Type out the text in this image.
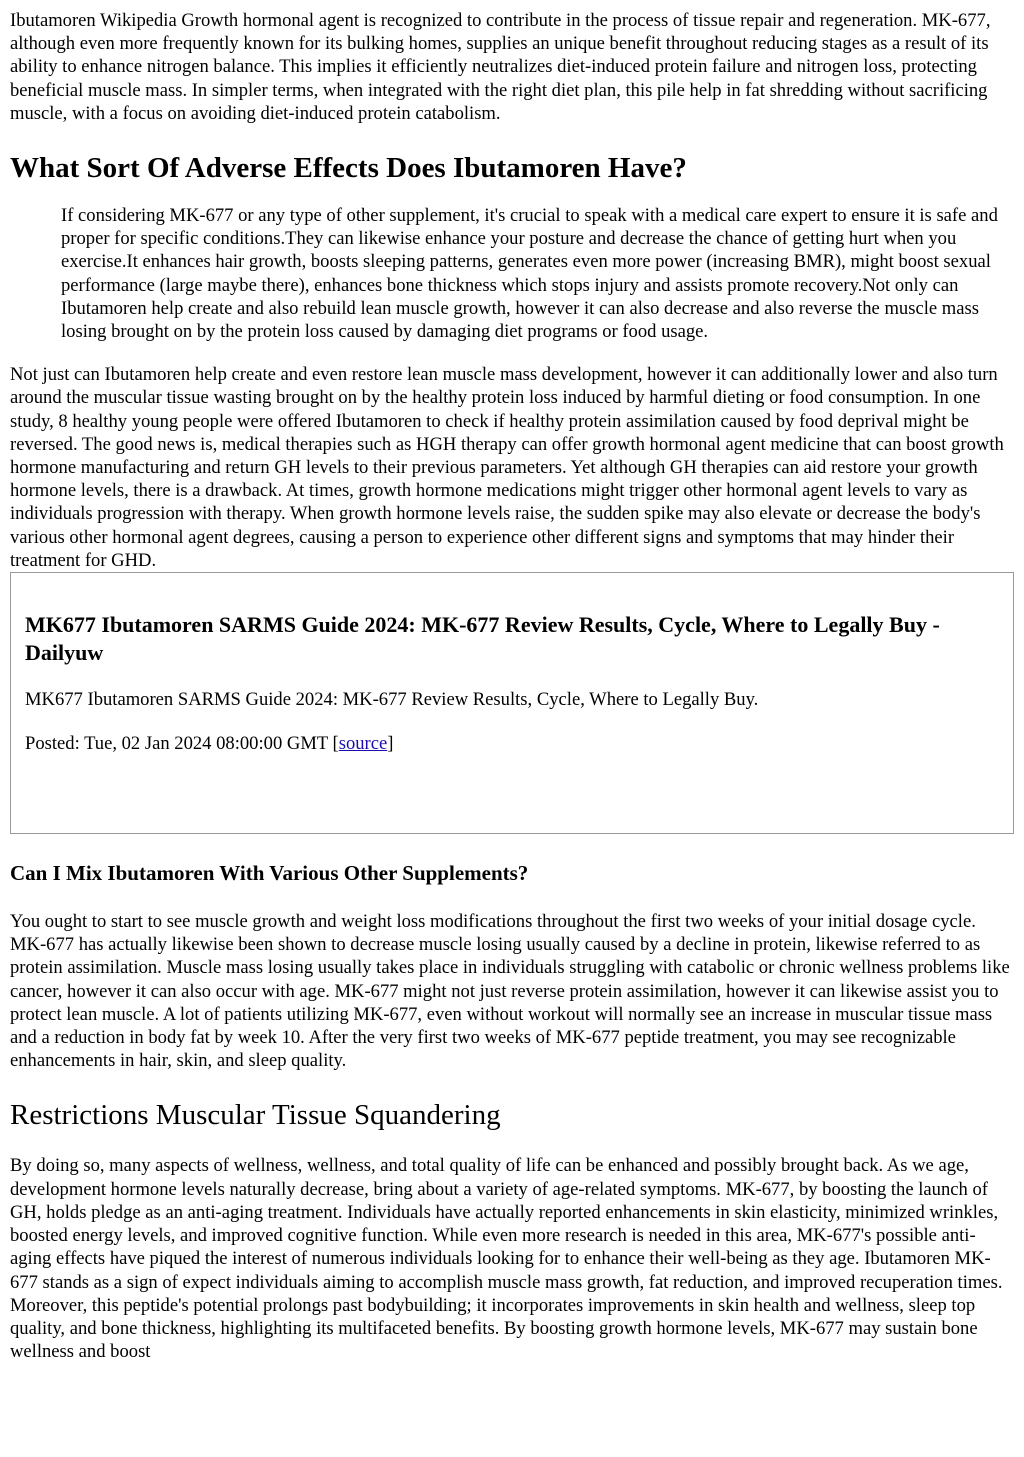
Ibutamoren Wikipedia Growth hormonal agent is recognized to contribute in the process of tissue repair and regeneration. MK-677, although even more frequently known for its bulking homes, supplies an unique benefit throughout reducing stages as a result of its ability to enhance nitrogen balance. This implies it efficiently neutralizes diet-induced protein failure and nitrogen loss, protecting beneficial muscle mass. In simpler terms, when integrated with the right diet plan, this pile help in fat shredding without sacrificing muscle, with a focus on avoiding diet-induced protein catabolism.

What Sort Of Adverse Effects Does Ibutamoren Have?
If considering MK-677 or any type of other supplement, it's crucial to speak with a medical care expert to ensure it is safe and proper for specific conditions.They can likewise enhance your posture and decrease the chance of getting hurt when you exercise.It enhances hair growth, boosts sleeping patterns, generates even more power (increasing BMR), might boost sexual performance (large maybe there), enhances bone thickness which stops injury and assists promote recovery.Not only can Ibutamoren help create and also rebuild lean muscle growth, however it can also decrease and also reverse the muscle mass losing brought on by the protein loss caused by damaging diet programs or food usage.

Not just can Ibutamoren help create and even restore lean muscle mass development, however it can additionally lower and also turn around the muscular tissue wasting brought on by the healthy protein loss induced by harmful dieting or food consumption. In one study, 8 healthy young people were offered Ibutamoren to check if healthy protein assimilation caused by food deprival might be reversed. The good news is, medical therapies such as HGH therapy can offer growth hormonal agent medicine that can boost growth hormone manufacturing and return GH levels to their previous parameters. Yet although GH therapies can aid restore your growth hormone levels, there is a drawback. At times, growth hormone medications might trigger other hormonal agent levels to vary as individuals progression with therapy. When growth hormone levels raise, the sudden spike may also elevate or decrease the body's various other hormonal agent degrees, causing a person to experience other different signs and symptoms that may hinder their treatment for GHD.

MK677 Ibutamoren SARMS Guide 2024: MK-677 Review Results, Cycle, Where to Legally Buy - Dailyuw

MK677 Ibutamoren SARMS Guide 2024: MK-677 Review Results, Cycle, Where to Legally Buy.

Posted: Tue, 02 Jan 2024 08:00:00 GMT [source]

Can I Mix Ibutamoren With Various Other Supplements?

You ought to start to see muscle growth and weight loss modifications throughout the first two weeks of your initial dosage cycle. MK-677 has actually likewise been shown to decrease muscle losing usually caused by a decline in protein, likewise referred to as protein assimilation. Muscle mass losing usually takes place in individuals struggling with catabolic or chronic wellness problems like cancer, however it can also occur with age. MK-677 might not just reverse protein assimilation, however it can likewise assist you to protect lean muscle. A lot of patients utilizing MK-677, even without workout will normally see an increase in muscular tissue mass and a reduction in body fat by week 10. After the very first two weeks of MK-677 peptide treatment, you may see recognizable enhancements in hair, skin, and sleep quality.

Restrictions Muscular Tissue Squandering

By doing so, many aspects of wellness, wellness, and total quality of life can be enhanced and possibly brought back. As we age, development hormone levels naturally decrease, bring about a variety of age-related symptoms. MK-677, by boosting the launch of GH, holds pledge as an anti-aging treatment. Individuals have actually reported enhancements in skin elasticity, minimized wrinkles, boosted energy levels, and improved cognitive function. While even more research is needed in this area, MK-677's possible anti-aging effects have piqued the interest of numerous individuals looking for to enhance their well-being as they age. Ibutamoren MK-677 stands as a sign of expect individuals aiming to accomplish muscle mass growth, fat reduction, and improved recuperation times. Moreover, this peptide's potential prolongs past bodybuilding; it incorporates improvements in skin health and wellness, sleep top quality, and bone thickness, highlighting its multifaceted benefits. By boosting growth hormone levels, MK-677 may sustain bone wellness and boost
